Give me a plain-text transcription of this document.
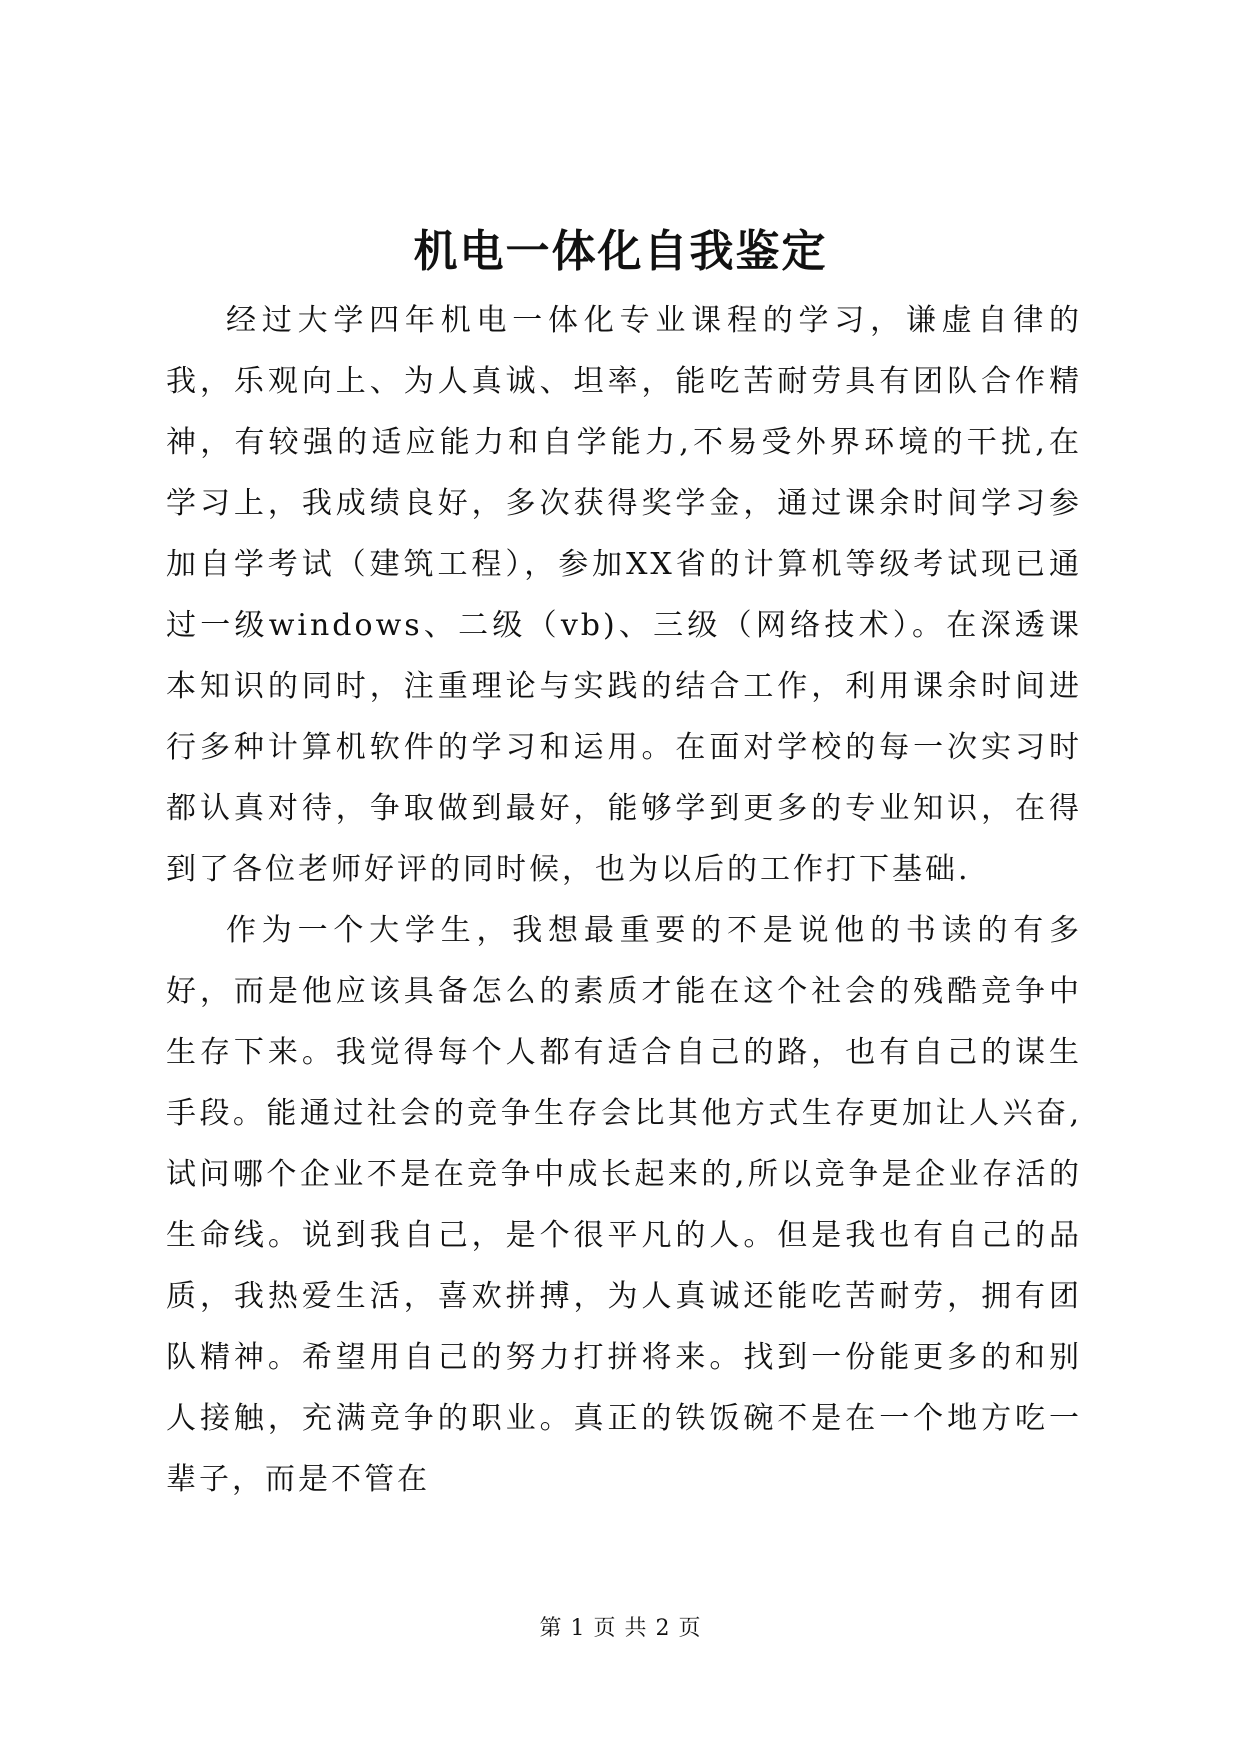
机电一体化自我鉴定

经过大学四年机电一体化专业课程的学习，谦虚自律的我，乐观向上、为人真诚、坦率，能吃苦耐劳具有团队合作精神，有较强的适应能力和自学能力,不易受外界环境的干扰,在学习上，我成绩良好，多次获得奖学金，通过课余时间学习参加自学考试（建筑工程），参加XX省的计算机等级考试现已通过一级windows、二级（vb)、三级（网络技术）。在深透课本知识的同时，注重理论与实践的结合工作，利用课余时间进行多种计算机软件的学习和运用。在面对学校的每一次实习时都认真对待，争取做到最好，能够学到更多的专业知识，在得到了各位老师好评的同时候，也为以后的工作打下基础.

作为一个大学生，我想最重要的不是说他的书读的有多好，而是他应该具备怎么的素质才能在这个社会的残酷竞争中生存下来。我觉得每个人都有适合自己的路，也有自己的谋生手段。能通过社会的竞争生存会比其他方式生存更加让人兴奋,试问哪个企业不是在竞争中成长起来的,所以竞争是企业存活的生命线。说到我自己，是个很平凡的人。但是我也有自己的品质，我热爱生活，喜欢拼搏，为人真诚还能吃苦耐劳，拥有团队精神。希望用自己的努力打拼将来。找到一份能更多的和别人接触，充满竞争的职业。真正的铁饭碗不是在一个地方吃一辈子，而是不管在

第 1 页 共 2 页
